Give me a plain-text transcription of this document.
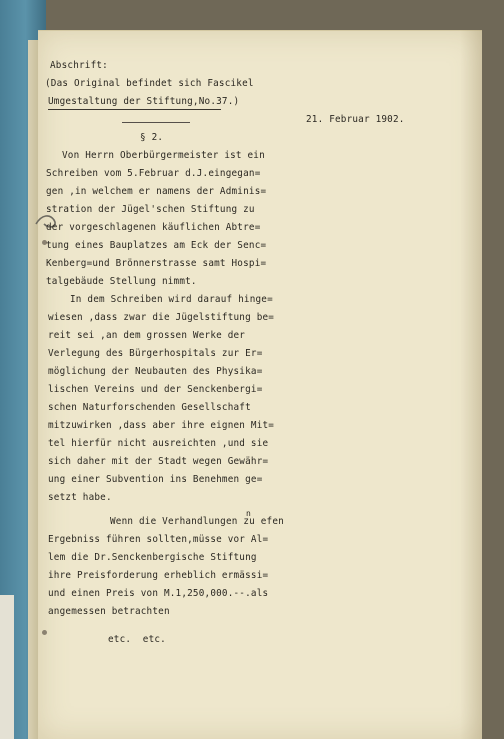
Abschrift:
(Das Original befindet sich Fascikel
Umgestaltung der Stiftung,No.37.)
21. Februar 1902.
§ 2.
Von Herrn Oberbürgermeister ist ein
Schreiben vom 5.Februar d.J.eingegan=
gen ,in welchem er namens der Adminis=
stration der Jügel'schen Stiftung zu
der vorgeschlagenen käuflichen Abtre=
tung eines Bauplatzes am Eck der Senc=
Kenberg=und Brönnerstrasse samt Hospi=
talgebäude Stellung nimmt.
In dem Schreiben wird darauf hinge=
wiesen ,dass zwar die Jügelstiftung be=
reit sei ,an dem grossen Werke der
Verlegung des Bürgerhospitals zur Er=
möglichung der Neubauten des Physika=
lischen Vereins und der Senckenbergi=
schen Naturforschenden Gesellschaft
mitzuwirken ,dass aber ihre eignen Mit=
tel hierfür nicht ausreichten ,und sie
sich daher mit der Stadt wegen Gewähr=
ung einer Subvention ins Benehmen ge=
setzt habe.
n
Wenn die Verhandlungen zu efen
Ergebniss führen sollten,müsse vor Al=
lem die Dr.Senckenbergische Stiftung
ihre Preisforderung erheblich ermässi=
und einen Preis von M.1,250,000.--.als
angemessen betrachten
etc.  etc.
